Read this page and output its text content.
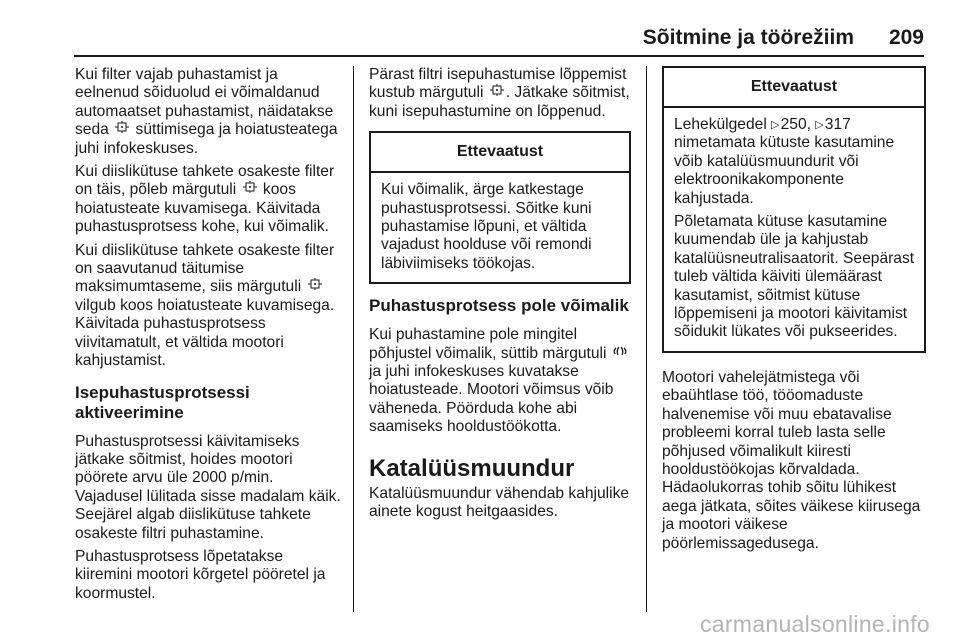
Sõitmine ja töörežiim 209

Kui filter vajab puhastamist ja eelnenud sõiduolud ei võimaldanud automaatset puhastamist, näidatakse seda süttimisega ja hoiatusteatega juhi infokeskuses.

Kui diislikütuse tahkete osakeste filter on täis, põleb märgutuli koos hoiatusteate kuvamisega. Käivitada puhastusprotsess kohe, kui võimalik.

Kui diislikütuse tahkete osakeste filter on saavutanud täitumise maksimumtaseme, siis märgutuli  vilgub koos hoiatusteate kuvamisega. Käivitada puhastusprotsess viivitamatult, et vältida mootori kahjustamist.

Isepuhastusprotsessi aktiveerimine

Puhastusprotsessi käivitamiseks jätkake sõitmist, hoides mootori pöörete arvu üle 2000 p/min. Vajadusel lülitada sisse madalam käik. Seejärel algab diislikütuse tahkete osakeste filtri puhastamine.

Puhastusprotsess lõpetatakse kiiremini mootori kõrgetel pööretel ja koormustel.

Pärast filtri isepuhastumise lõppemist kustub märgutuli . Jätkake sõitmist, kuni isepuhastumine on lõppenud.

Ettevaatust

Kui võimalik, ärge katkestage puhastusprotsessi. Sõitke kuni puhastamise lõpuni, et vältida vajadust hoolduse või remondi läbiviimiseks töökojas.

Puhastusprotsess pole võimalik

Kui puhastamine pole mingitel põhjustel võimalik, süttib märgutuli  ja juhi infokeskuses kuvatakse hoiatusteade. Mootori võimsus võib väheneda. Pöörduda kohe abi saamiseks hooldustöökotta.

Katalüüsmuundur

Katalüüsmuundur vähendab kahjulike ainete kogust heitgaasides.

Ettevaatust

Lehekülgedel ▷250, ▷317 nimetamata kütuste kasutamine võib katalüüsmuundurit või elektroonikakomponente kahjustada.

Põletamata kütuse kasutamine kuumendab üle ja kahjustab katalüüsneutralisaatorit. Seepärast tuleb vältida käiviti ülemäärast kasutamist, sõitmist kütuse lõppemiseni ja mootori käivitamist sõidukit lükates või pukseerides.

Mootori vahelejätmistega või ebaühtlase töö, tööomaduste halvenemise või muu ebatavalise probleemi korral tuleb lasta selle põhjused võimalikult kiiresti hooldustöökojas kõrvaldada. Hädaolukorras tohib sõitu lühikest aega jätkata, sõites väikese kiirusega ja mootori väikese pöörlemissagedusega.

carmanualsonline.info
